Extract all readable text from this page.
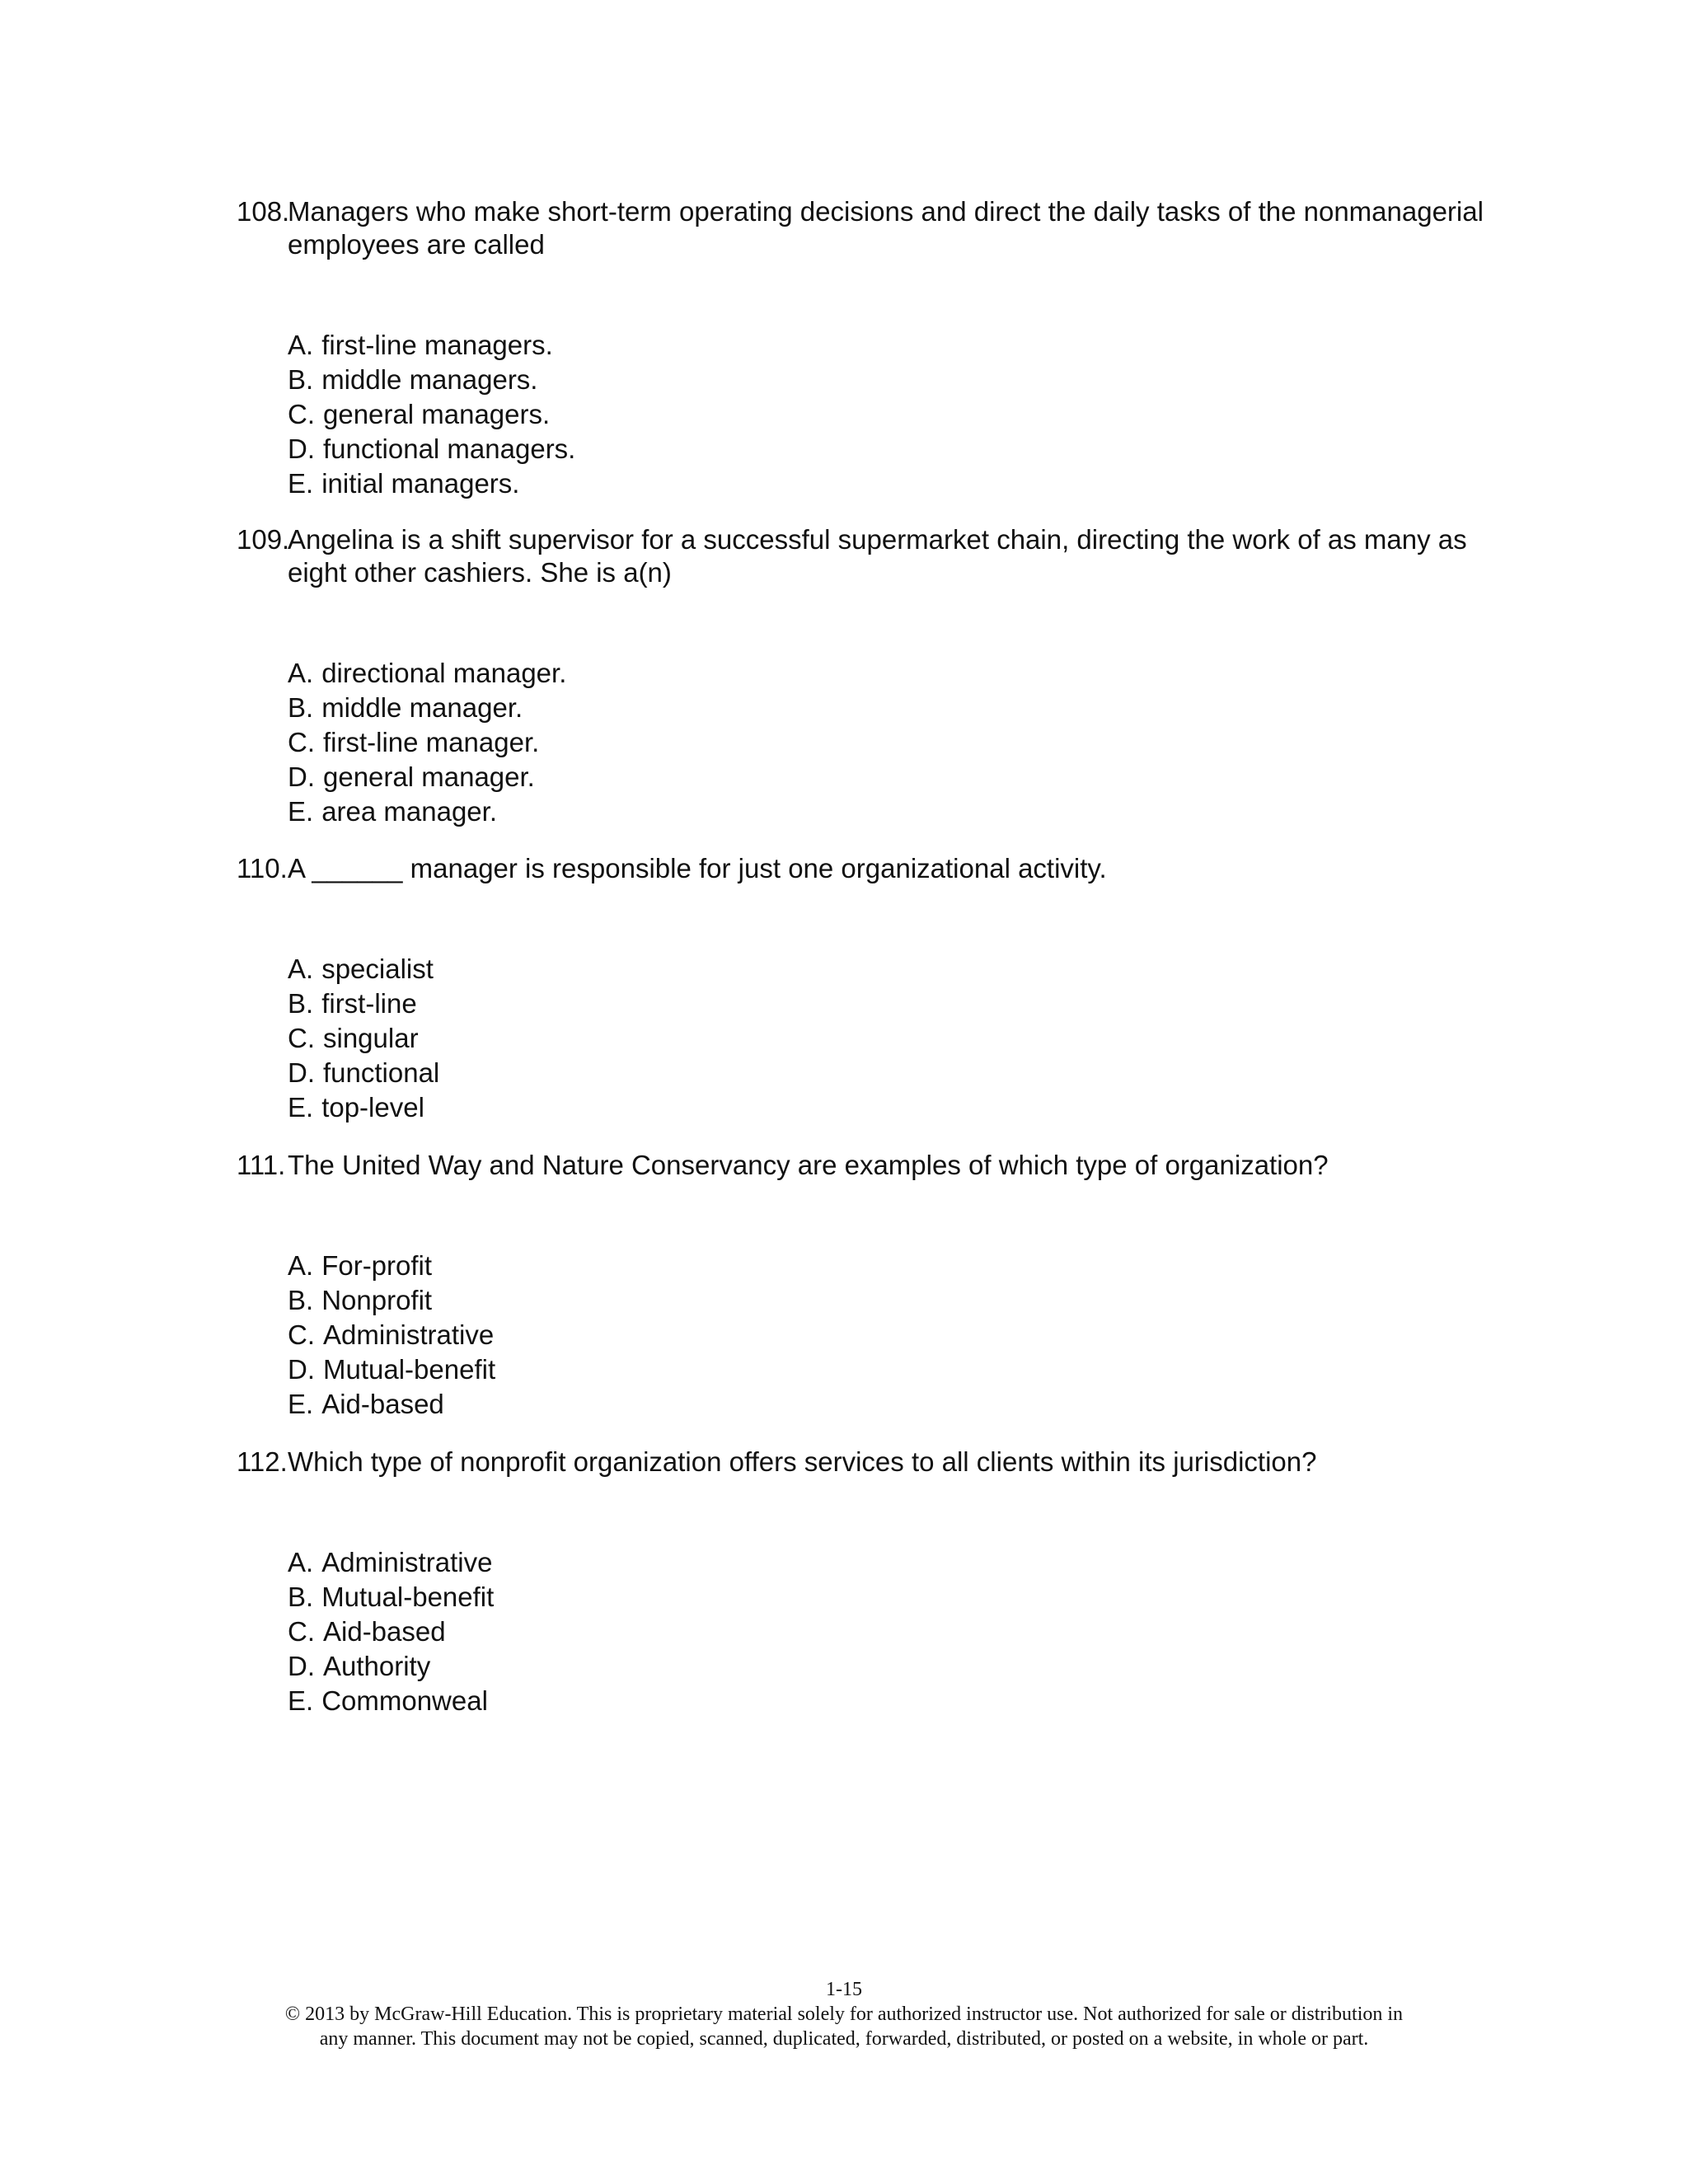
108.
Managers who make short-term operating decisions and direct the daily tasks of the nonmanagerial employees are called
A. first-line managers.
B. middle managers.
C. general managers.
D. functional managers.
E. initial managers.
109.
Angelina is a shift supervisor for a successful supermarket chain, directing the work of as many as eight other cashiers. She is a(n)
A. directional manager.
B. middle manager.
C. first-line manager.
D. general manager.
E. area manager.
110. A ______ manager is responsible for just one organizational activity.
A. specialist
B. first-line
C. singular
D. functional
E. top-level
111. The United Way and Nature Conservancy are examples of which type of organization?
A. For-profit
B. Nonprofit
C. Administrative
D. Mutual-benefit
E. Aid-based
112. Which type of nonprofit organization offers services to all clients within its jurisdiction?
A. Administrative
B. Mutual-benefit
C. Aid-based
D. Authority
E. Commonweal
1-15
© 2013 by McGraw-Hill Education. This is proprietary material solely for authorized instructor use. Not authorized for sale or distribution in
any manner. This document may not be copied, scanned, duplicated, forwarded, distributed, or posted on a website, in whole or part.
